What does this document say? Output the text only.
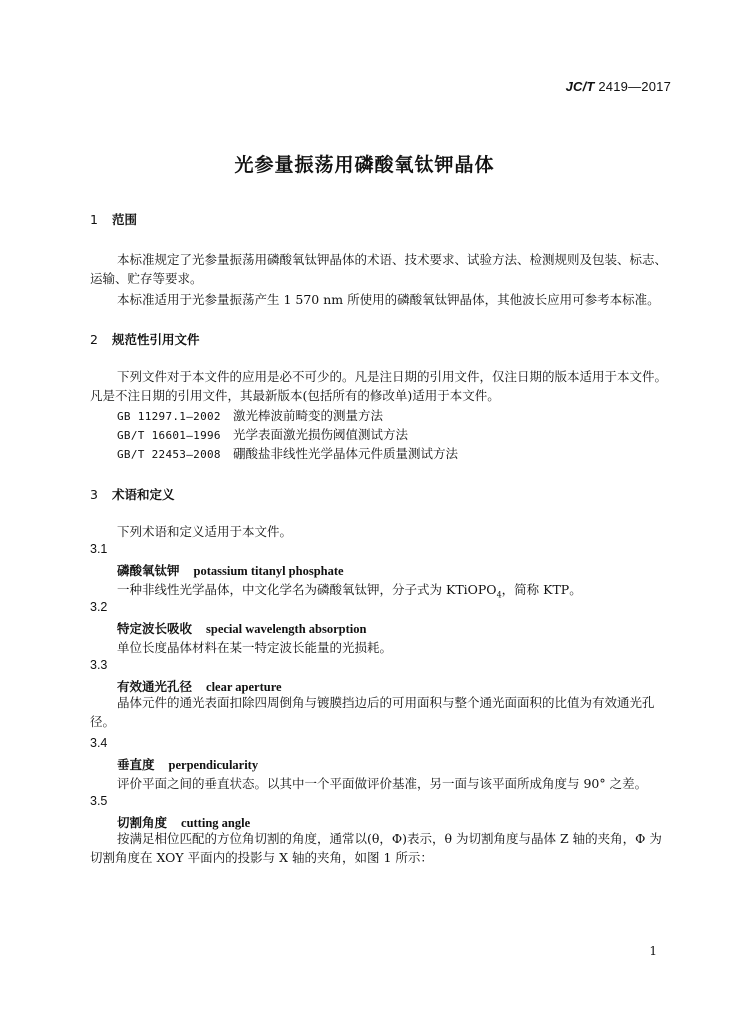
JC/T 2419—2017
光参量振荡用磷酸氧钛钾晶体
1 范围
本标准规定了光参量振荡用磷酸氧钛钾晶体的术语、技术要求、试验方法、检测规则及包装、标志、运输、贮存等要求。
本标准适用于光参量振荡产生 1 570 nm 所使用的磷酸氧钛钾晶体，其他波长应用可参考本标准。
2 规范性引用文件
下列文件对于本文件的应用是必不可少的。凡是注日期的引用文件，仅注日期的版本适用于本文件。凡是不注日期的引用文件，其最新版本(包括所有的修改单)适用于本文件。
GB 11297.1—2002 激光棒波前畸变的测量方法
GB/T 16601—1996 光学表面激光损伤阈值测试方法
GB/T 22453—2008 硼酸盐非线性光学晶体元件质量测试方法
3 术语和定义
下列术语和定义适用于本文件。
3.1
磷酸氧钛钾 potassium titanyl phosphate
一种非线性光学晶体，中文化学名为磷酸氧钛钾，分子式为 KTiOPO$_4$，简称 KTP。
3.2
特定波长吸收 special wavelength absorption
单位长度晶体材料在某一特定波长能量的光损耗。
3.3
有效通光孔径 clear aperture
晶体元件的通光表面扣除四周倒角与镀膜挡边后的可用面积与整个通光面面积的比值为有效通光孔径。
3.4
垂直度 perpendicularity
评价平面之间的垂直状态。以其中一个平面做评价基准，另一面与该平面所成角度与 90° 之差。
3.5
切割角度 cutting angle
按满足相位匹配的方位角切割的角度，通常以(θ，Φ)表示，θ 为切割角度与晶体 Z 轴的夹角，Φ 为切割角度在 XOY 平面内的投影与 X 轴的夹角，如图 1 所示：
1
